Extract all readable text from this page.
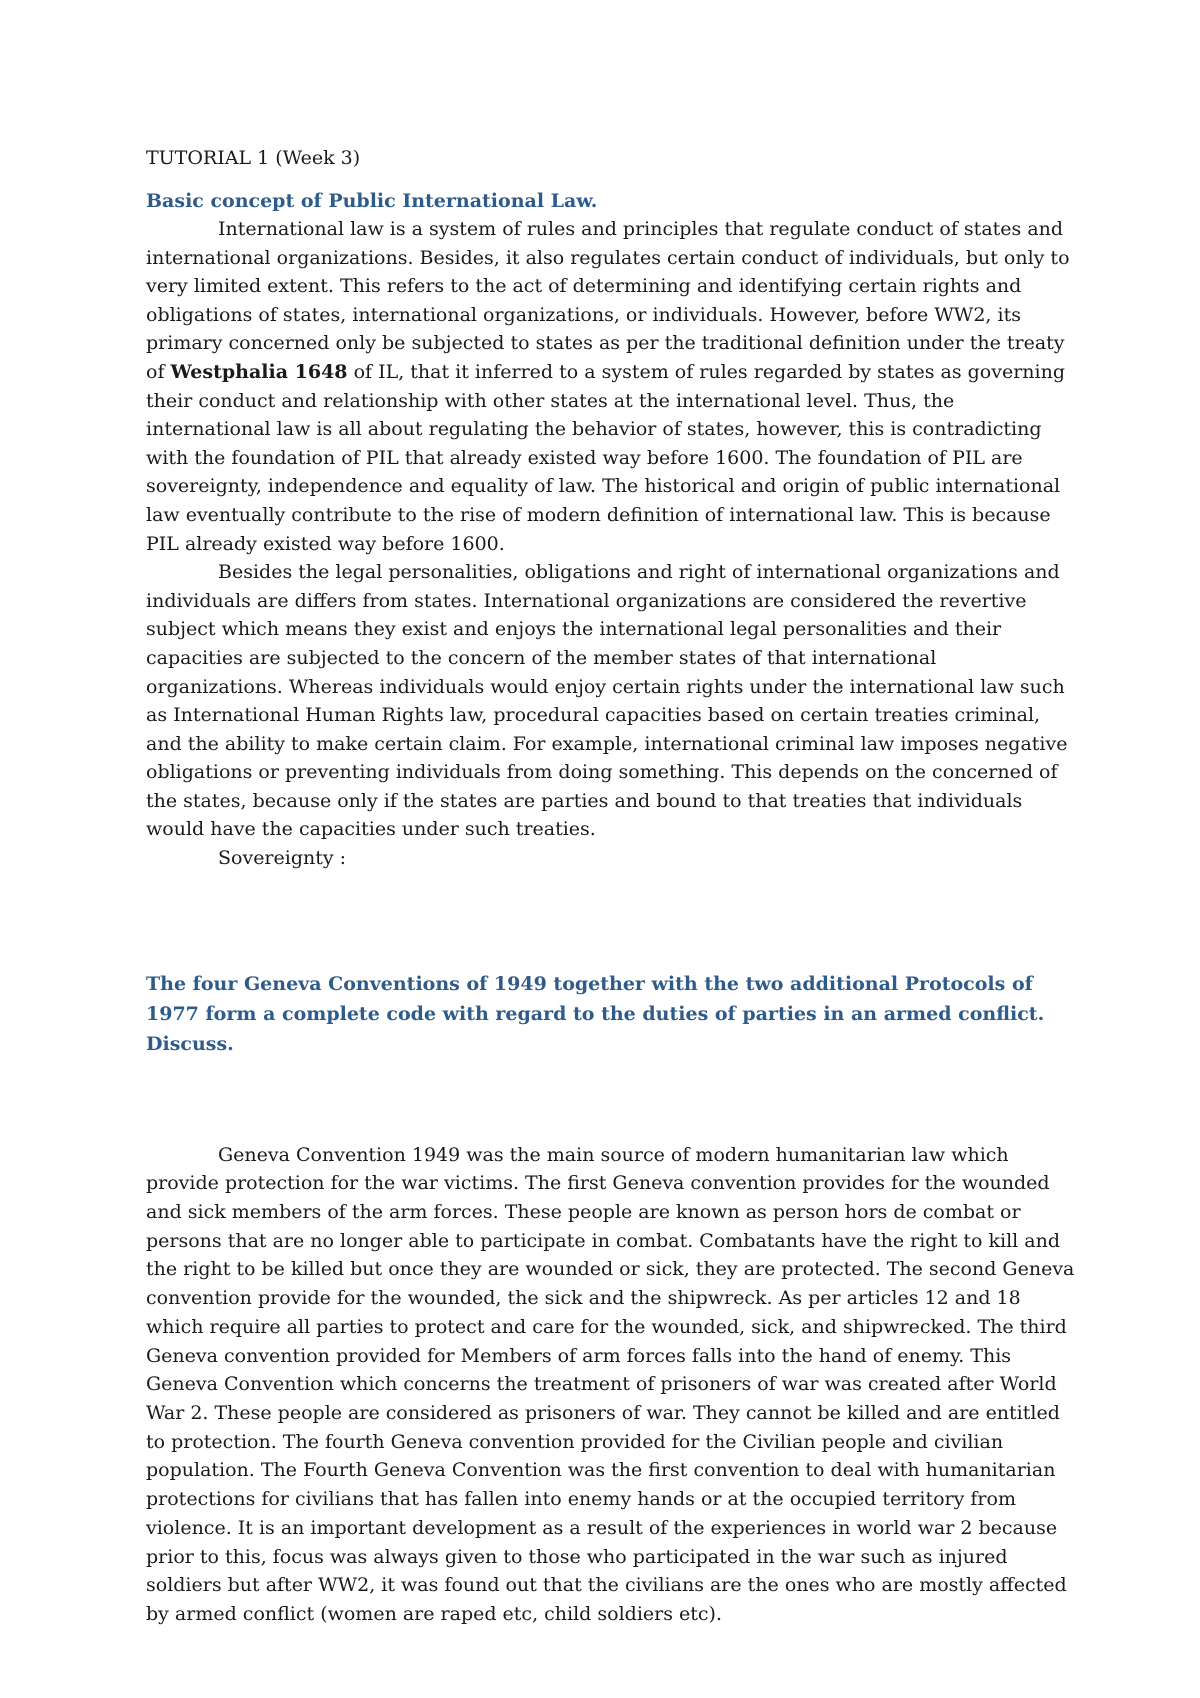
TUTORIAL 1 (Week 3)
Basic concept of Public International Law.

International law is a system of rules and principles that regulate conduct of states and international organizations. Besides, it also regulates certain conduct of individuals, but only to very limited extent. This refers to the act of determining and identifying certain rights and obligations of states, international organizations, or individuals. However, before WW2, its primary concerned only be subjected to states as per the traditional definition under the treaty of Westphalia 1648 of IL, that it inferred to a system of rules regarded by states as governing their conduct and relationship with other states at the international level. Thus, the international law is all about regulating the behavior of states, however, this is contradicting with the foundation of PIL that already existed way before 1600. The foundation of PIL are sovereignty, independence and equality of law. The historical and origin of public international law eventually contribute to the rise of modern definition of international law. This is because PIL already existed way before 1600.

Besides the legal personalities, obligations and right of international organizations and individuals are differs from states. International organizations are considered the revertive subject which means they exist and enjoys the international legal personalities and their capacities are subjected to the concern of the member states of that international organizations. Whereas individuals would enjoy certain rights under the international law such as International Human Rights law, procedural capacities based on certain treaties criminal, and the ability to make certain claim. For example, international criminal law imposes negative obligations or preventing individuals from doing something. This depends on the concerned of the states, because only if the states are parties and bound to that treaties that individuals would have the capacities under such treaties.

Sovereignty :

The four Geneva Conventions of 1949 together with the two additional Protocols of 1977 form a complete code with regard to the duties of parties in an armed conflict. Discuss.

Geneva Convention 1949 was the main source of modern humanitarian law which provide protection for the war victims. The first Geneva convention provides for the wounded and sick members of the arm forces. These people are known as person hors de combat or persons that are no longer able to participate in combat. Combatants have the right to kill and the right to be killed but once they are wounded or sick, they are protected. The second Geneva convention provide for the wounded, the sick and the shipwreck. As per articles 12 and 18 which require all parties to protect and care for the wounded, sick, and shipwrecked. The third Geneva convention provided for Members of arm forces falls into the hand of enemy. This Geneva Convention which concerns the treatment of prisoners of war was created after World War 2. These people are considered as prisoners of war. They cannot be killed and are entitled to protection. The fourth Geneva convention provided for the Civilian people and civilian population. The Fourth Geneva Convention was the first convention to deal with humanitarian protections for civilians that has fallen into enemy hands or at the occupied territory from violence. It is an important development as a result of the experiences in world war 2 because prior to this, focus was always given to those who participated in the war such as injured soldiers but after WW2, it was found out that the civilians are the ones who are mostly affected by armed conflict (women are raped etc, child soldiers etc).
